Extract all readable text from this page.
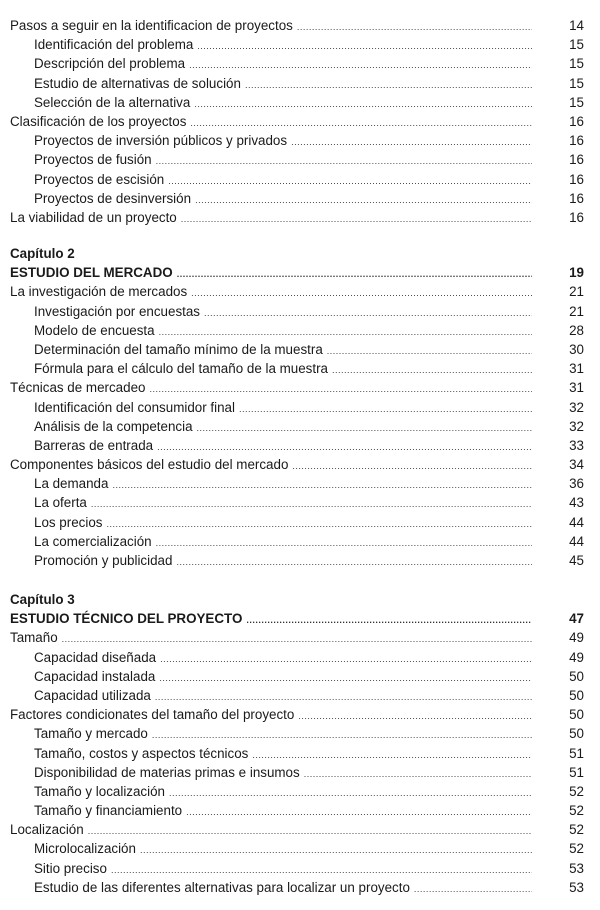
Pasos a seguir en la identificacion de proyectos .....	14
Identificación del problema .....	15
Descripción del problema .....	15
Estudio de alternativas de solución .....	15
Selección de la alternativa .....	15
Clasificación de los proyectos .....	16
Proyectos de inversión públicos y privados .....	16
Proyectos de fusión .....	16
Proyectos de escisión .....	16
Proyectos de desinversión .....	16
La viabilidad de un proyecto .....	16
Capítulo 2
ESTUDIO DEL MERCADO .....	19
La investigación de mercados .....	21
Investigación por encuestas .....	21
Modelo de encuesta .....	28
Determinación del tamaño mínimo de la muestra .....	30
Fórmula para el cálculo del tamaño de la muestra .....	31
Técnicas de mercadeo .....	31
Identificación del consumidor final .....	32
Análisis de la competencia .....	32
Barreras de entrada .....	33
Componentes básicos del estudio del mercado .....	34
La demanda .....	36
La oferta .....	43
Los precios .....	44
La comercialización .....	44
Promoción y publicidad .....	45
Capítulo 3
ESTUDIO TÉCNICO DEL PROYECTO .....	47
Tamaño .....	49
Capacidad diseñada .....	49
Capacidad instalada .....	50
Capacidad utilizada .....	50
Factores condicionates del tamaño del proyecto .....	50
Tamaño y mercado .....	50
Tamaño, costos y aspectos técnicos .....	51
Disponibilidad de materias primas e insumos .....	51
Tamaño y localización .....	52
Tamaño y financiamiento .....	52
Localización .....	52
Microlocalización .....	52
Sitio preciso .....	53
Estudio de las diferentes alternativas para localizar un proyecto .....	53
